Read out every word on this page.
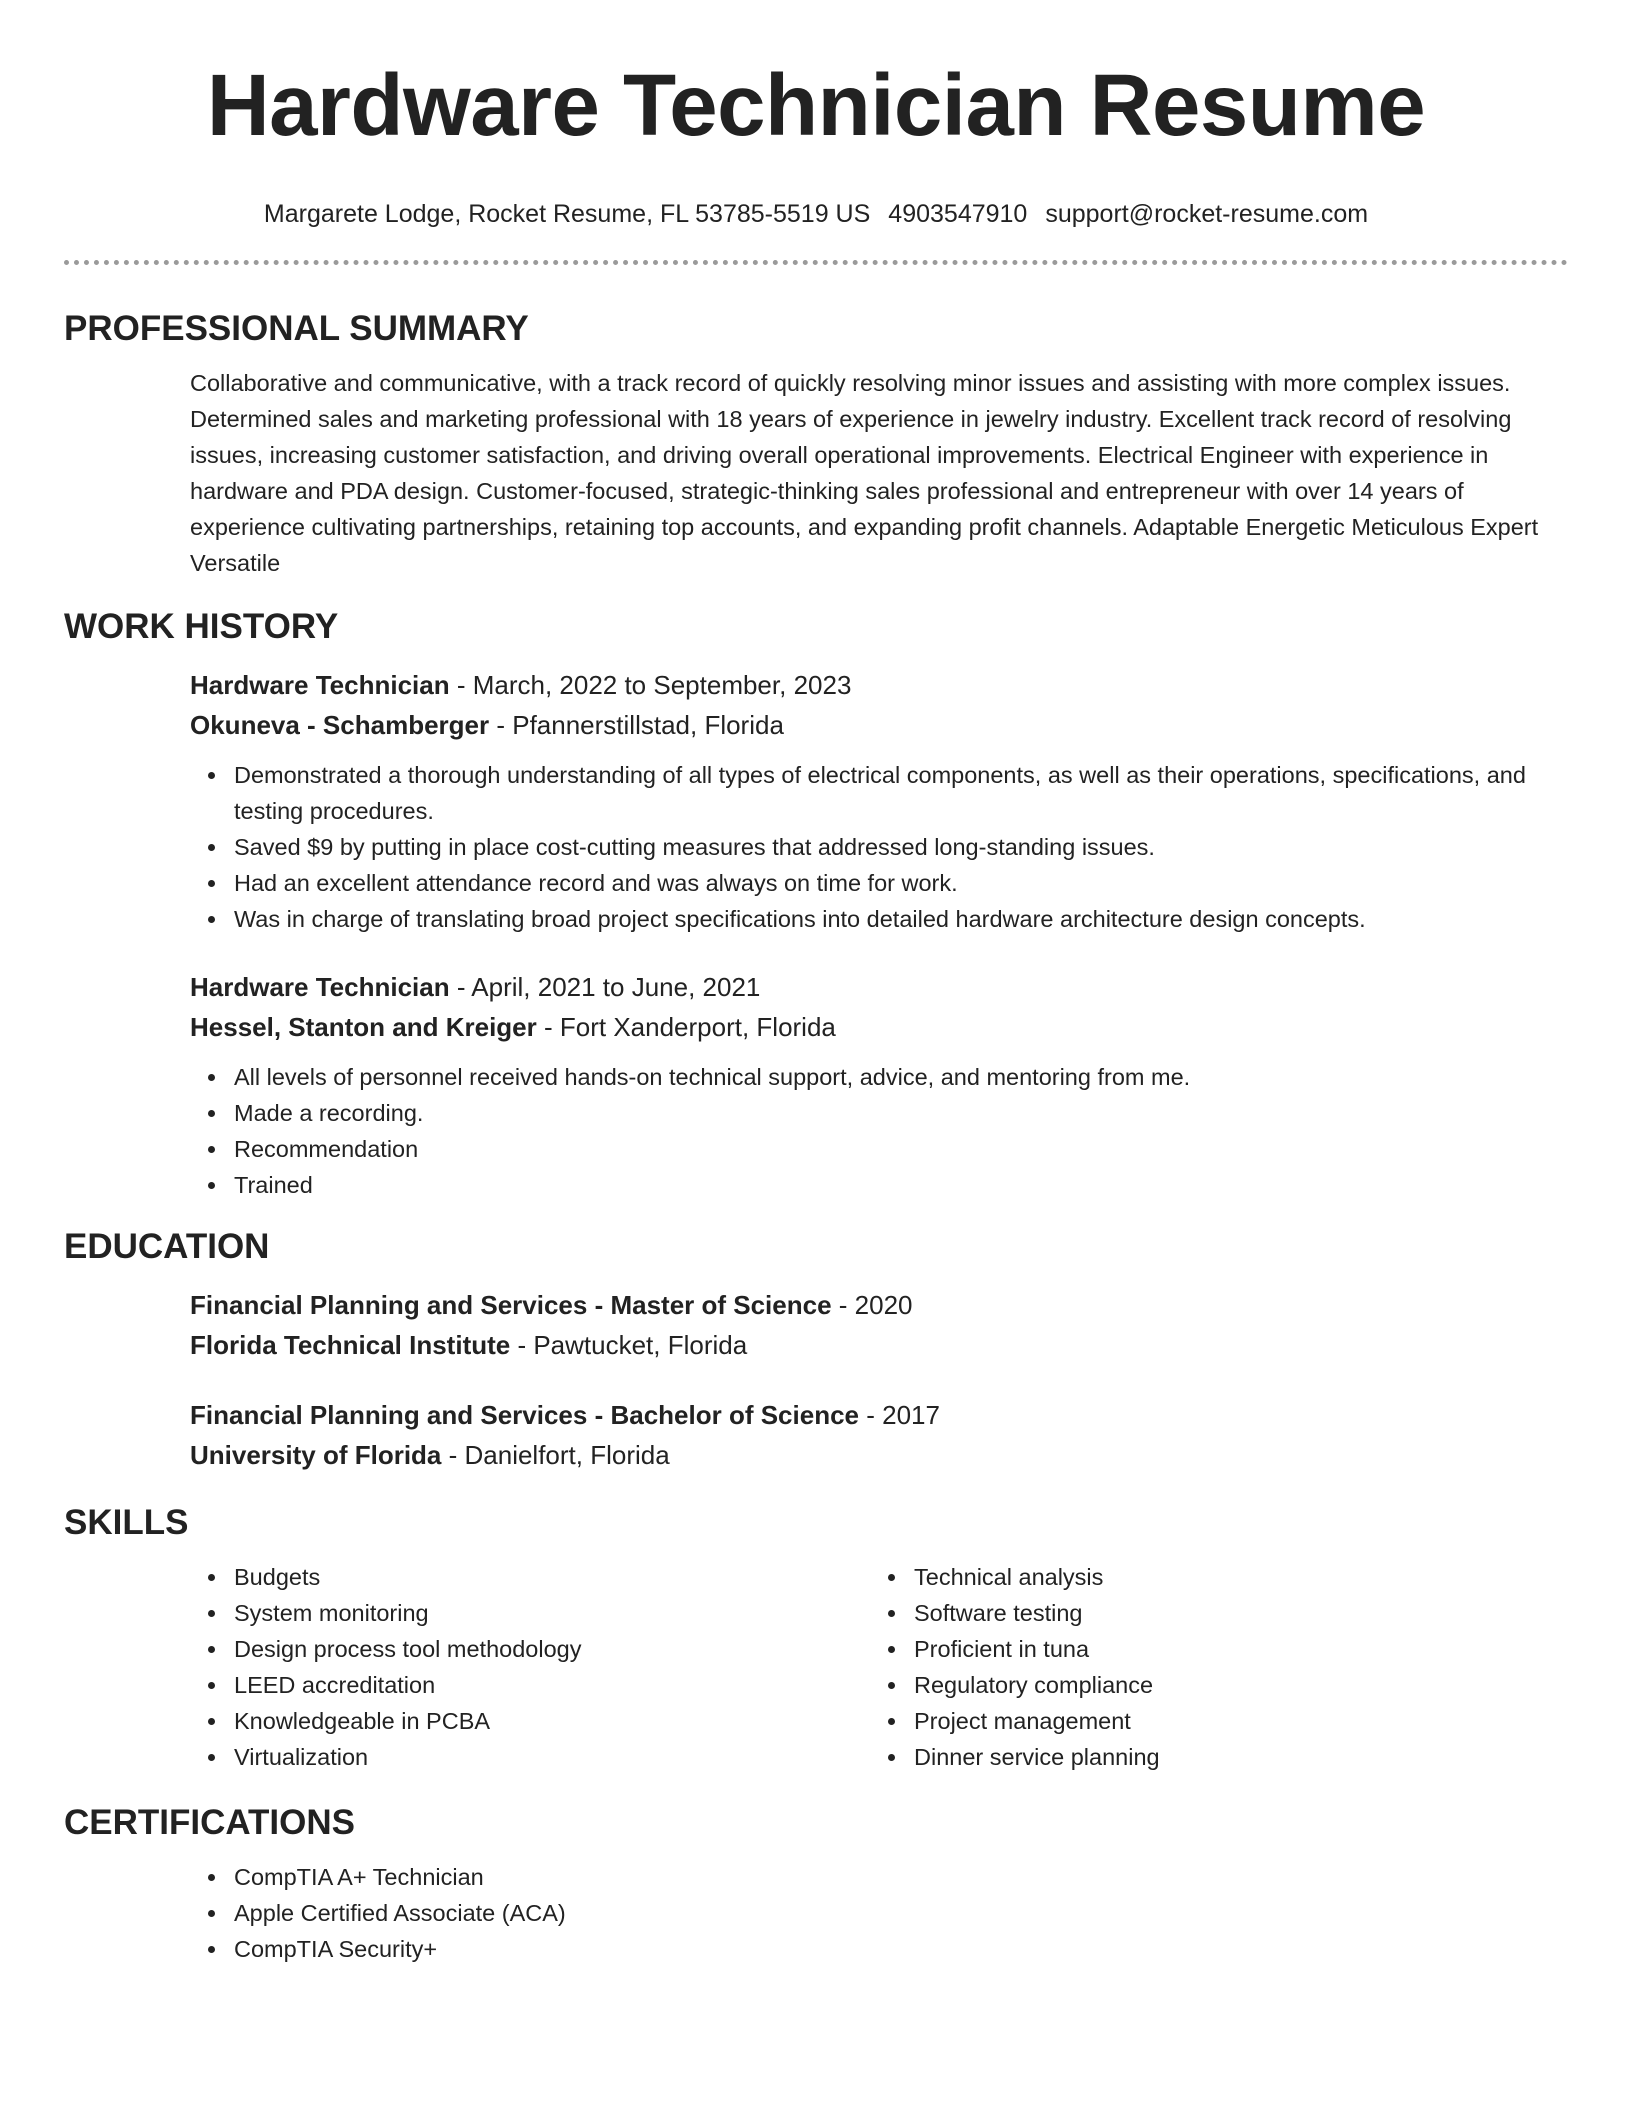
Hardware Technician Resume
Margarete Lodge, Rocket Resume, FL 53785-5519 US 4903547910 support@rocket-resume.com
PROFESSIONAL SUMMARY

Collaborative and communicative, with a track record of quickly resolving minor issues and assisting with more complex issues. Determined sales and marketing professional with 18 years of experience in jewelry industry. Excellent track record of resolving issues, increasing customer satisfaction, and driving overall operational improvements. Electrical Engineer with experience in hardware and PDA design. Customer-focused, strategic-thinking sales professional and entrepreneur with over 14 years of experience cultivating partnerships, retaining top accounts, and expanding profit channels. Adaptable Energetic Meticulous Expert Versatile

WORK HISTORY
Hardware Technician - March, 2022 to September, 2023
Okuneva - Schamberger - Pfannerstillstad, Florida
Demonstrated a thorough understanding of all types of electrical components, as well as their operations, specifications, and testing procedures.
Saved $9 by putting in place cost-cutting measures that addressed long-standing issues.
Had an excellent attendance record and was always on time for work.
Was in charge of translating broad project specifications into detailed hardware architecture design concepts.
Hardware Technician - April, 2021 to June, 2021
Hessel, Stanton and Kreiger - Fort Xanderport, Florida
All levels of personnel received hands-on technical support, advice, and mentoring from me.
Made a recording.
Recommendation
Trained
EDUCATION
Financial Planning and Services - Master of Science - 2020
Florida Technical Institute - Pawtucket, Florida
Financial Planning and Services - Bachelor of Science - 2017
University of Florida - Danielfort, Florida
SKILLS
Budgets
System monitoring
Design process tool methodology
LEED accreditation
Knowledgeable in PCBA
Virtualization
Technical analysis
Software testing
Proficient in tuna
Regulatory compliance
Project management
Dinner service planning
CERTIFICATIONS
CompTIA A+ Technician
Apple Certified Associate (ACA)
CompTIA Security+
